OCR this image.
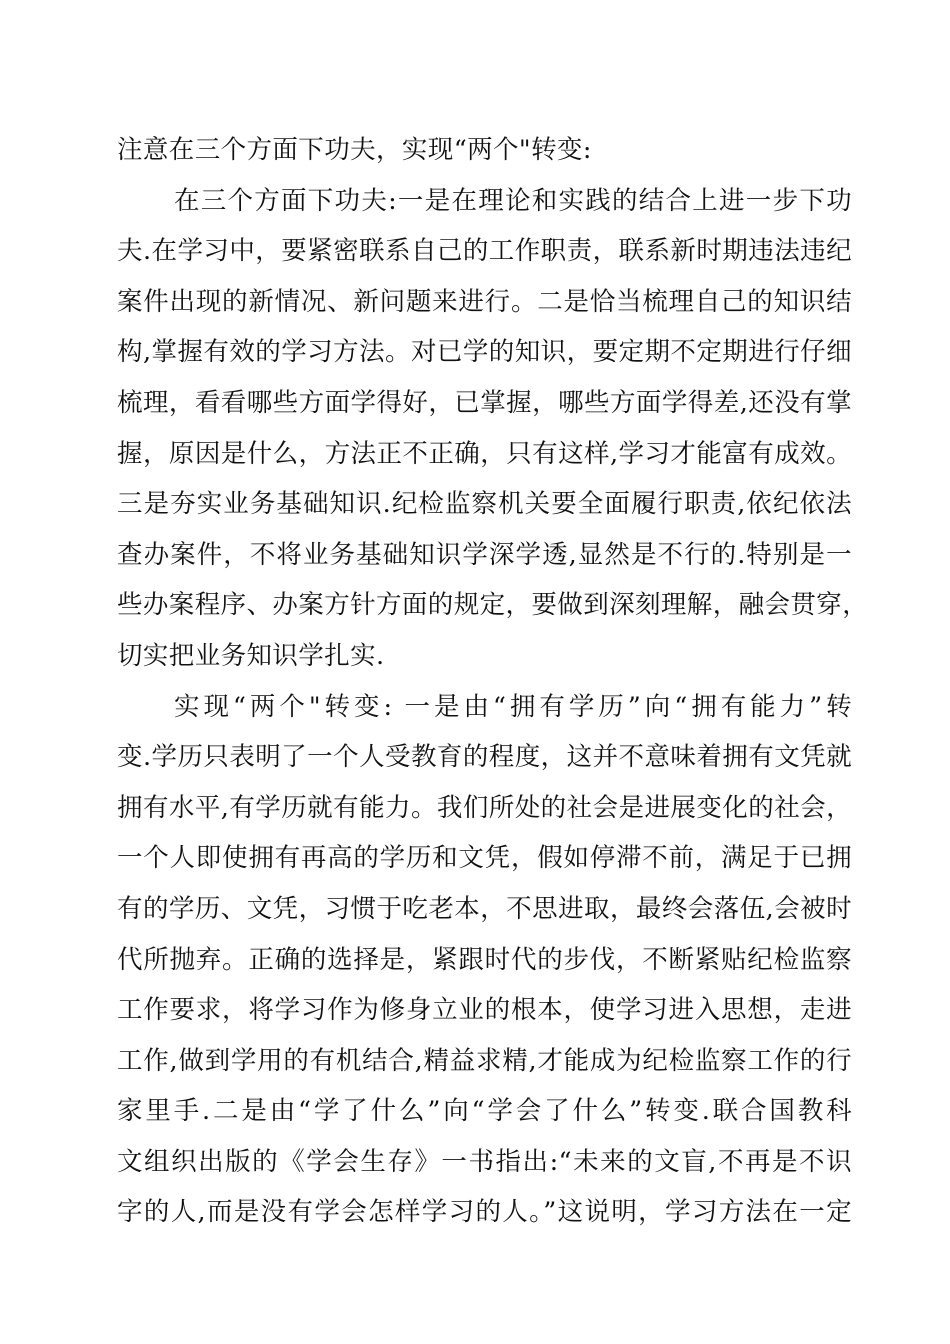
注意在三个方面下功夫，实现“两个"转变:
在三个方面下功夫:一是在理论和实践的结合上进一步下功
夫.在学习中，要紧密联系自己的工作职责，联系新时期违法违纪
案件出现的新情况、新问题来进行。二是恰当梳理自己的知识结
构,掌握有效的学习方法。对已学的知识，要定期不定期进行仔细
梳理，看看哪些方面学得好，已掌握，哪些方面学得差,还没有掌
握，原因是什么，方法正不正确，只有这样,学习才能富有成效。
三是夯实业务基础知识.纪检监察机关要全面履行职责,依纪依法
查办案件，不将业务基础知识学深学透,显然是不行的.特别是一
些办案程序、办案方针方面的规定，要做到深刻理解，融会贯穿，
切实把业务知识学扎实.
实现“两个"转变: 一是由“拥有学历”向“拥有能力”转
变.学历只表明了一个人受教育的程度，这并不意味着拥有文凭就
拥有水平,有学历就有能力。我们所处的社会是进展变化的社会，
一个人即使拥有再高的学历和文凭，假如停滞不前，满足于已拥
有的学历、文凭，习惯于吃老本，不思进取，最终会落伍,会被时
代所抛弃。正确的选择是，紧跟时代的步伐，不断紧贴纪检监察
工作要求，将学习作为修身立业的根本，使学习进入思想，走进
工作,做到学用的有机结合,精益求精,才能成为纪检监察工作的行
家里手.二是由“学了什么”向“学会了什么”转变.联合国教科
文组织出版的《学会生存》一书指出:“未来的文盲,不再是不识
字的人,而是没有学会怎样学习的人。”这说明，学习方法在一定
